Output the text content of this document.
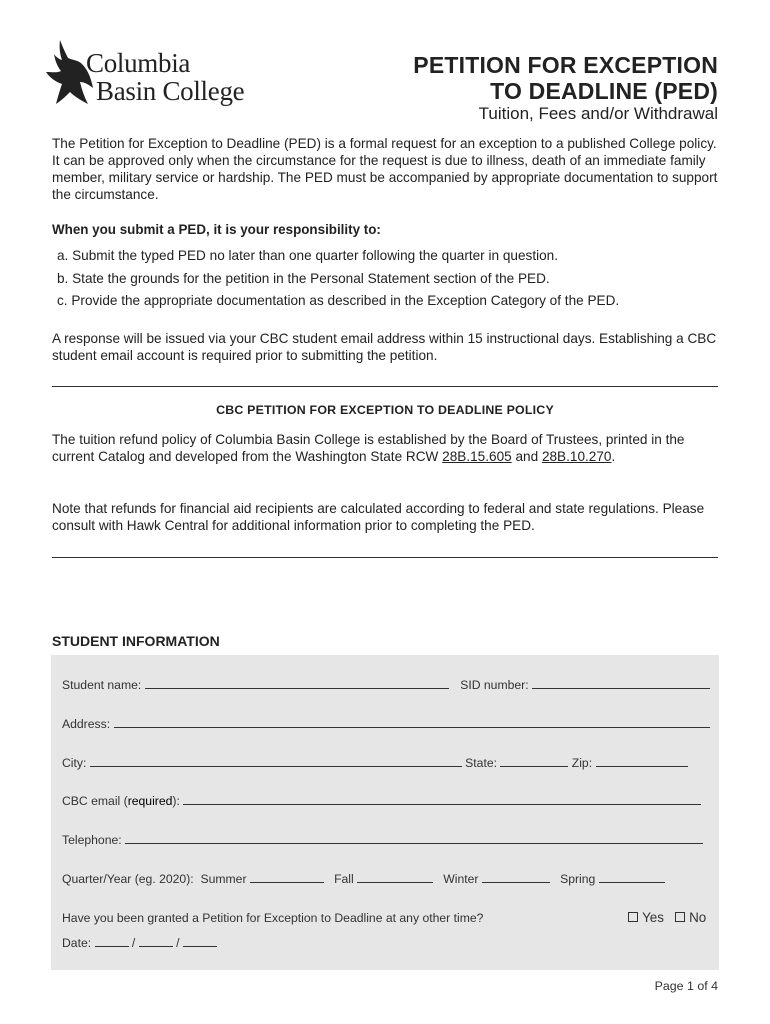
Columbia
Basin College
PETITION FOR EXCEPTION
TO DEADLINE (PED)
Tuition, Fees and/or Withdrawal
The Petition for Exception to Deadline (PED) is a formal request for an exception to a published College policy. It can be approved only when the circumstance for the request is due to illness, death of an immediate family member, military service or hardship. The PED must be accompanied by appropriate documentation to support the circumstance.
When you submit a PED, it is your responsibility to:
a. Submit the typed PED no later than one quarter following the quarter in question.
b. State the grounds for the petition in the Personal Statement section of the PED.
c. Provide the appropriate documentation as described in the Exception Category of the PED.
A response will be issued via your CBC student email address within 15 instructional days. Establishing a CBC student email account is required prior to submitting the petition.
CBC PETITION FOR EXCEPTION TO DEADLINE POLICY
The tuition refund policy of Columbia Basin College is established by the Board of Trustees, printed in the current Catalog and developed from the Washington State RCW 28B.15.605 and 28B.10.270.
Note that refunds for financial aid recipients are calculated according to federal and state regulations. Please consult with Hawk Central for additional information prior to completing the PED.
STUDENT INFORMATION
Student name:	SID number:
Address:
City:	State:	Zip:
CBC email (required):
Telephone:
Quarter/Year (eg. 2020): Summer	Fall	Winter	Spring
Have you been granted a Petition for Exception to Deadline at any other time?	Yes No
Date:	/	/
Page 1 of 4
